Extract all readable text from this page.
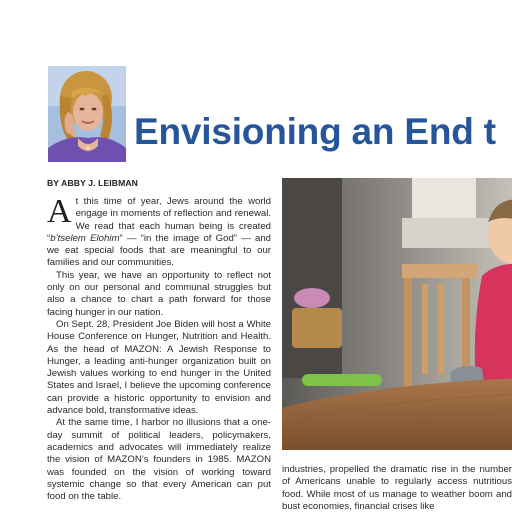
Envisioning an End t
BY ABBY J. LEIBMAN

At this time of year, Jews around the world engage in moments of reflection and renewal. We read that each human being is created “b’tselem Elohim” — “in the image of God” — and we eat special foods that are meaningful to our families and our communities.

This year, we have an opportunity to reflect not only on our personal and communal struggles but also a chance to chart a path forward for those facing hunger in our nation.

On Sept. 28, President Joe Biden will host a White House Conference on Hunger, Nutrition and Health. As the head of MAZON: A Jewish Response to Hunger, a leading anti-hunger organization built on Jewish values working to end hunger in the United States and Israel, I believe the upcoming conference can provide a historic opportunity to envision and advance bold, transformative ideas.

At the same time, I harbor no illusions that a one-day summit of political leaders, policymakers, academics and advocates will immediately realize the vision of MAZON’s founders in 1985. MAZON was founded on the vision of working toward systemic change so that every American can put food on the table.

industries, propelled the dramatic rise in the number of Americans unable to regularly access nutritious food. While most of us manage to weather boom and bust economies, financial crises like
